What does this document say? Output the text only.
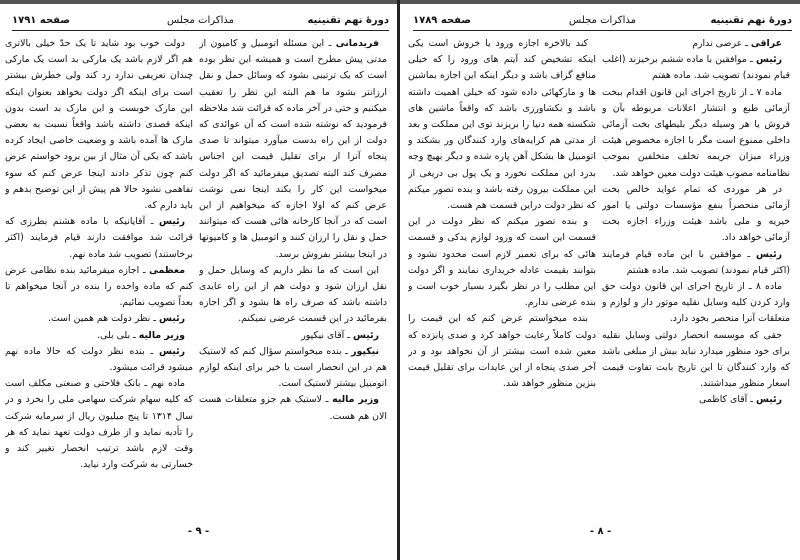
دورهٔ نهم تقنینیه
مذاکرات مجلس
صفحه ۱۷۹۱

فریدمانی ـ این مسئله اتومبیل و کامیون از مدتی پیش مطرح است و همیشه این نظر بوده است که یک ترتیبی بشود که وسائل حمل و نقل ارزانتر بشود ما هم البته این نظر را تعقیب میکنیم و حتی در آخر ماده که قرائت شد ملاحظه فرمودید که نوشته شده است که آن عوائدی که دولت از این راه بدست میآورد میتواند تا صدی پنجاه آنرا از برای تقلیل قیمت این اجناس مصرف کند البته تصدیق میفرمائید که اگر دولت میخواست این کار را بکند اینجا نمی نوشت عرض کنم که اولا اجازه که میخواهیم از این است که در آنجا کارخانه هائی هست که میتوانند حمل و نقل را ارزان کنند و اتومبیل ها و کامیونها در اینجا بیشتر بفروش برسد.

این است که ما نظر داریم که وسایل حمل و نقل ارزان شود و دولت هم از این راه عایدی داشته باشد که صرف راه ها بشود و اگر اجازه بفرمائید در این قسمت عرضی نمیکنم.

رئیس ـ آقای نیکپور

نیکپور ـ بنده میخواستم سؤال کنم که لاستیک هم در این انحصار است یا خیر برای اینکه لوازم اتومبیل بیشتر لاستیک است.

وزیر مالیه ـ لاستیک هم جزو متعلقات هست الان هم هست.

دولت خوب بود شاید تا یک حدّ خیلی بالاتری هم اگر لازم باشد یک مارکی بد است یک مارکی چندان تعریفی ندارد رد کند ولی خطرش بیشتر است برای اینکه اگر دولت بخواهد بعنوان اینکه این مارک خوبست و این مارک بد است بدون اینکه قصدی داشته باشد واقعاً نسبت به بعضی مارک ها آمده باشد و وضعیت خاصی ایجاد کرده باشد که یکی آن مثال از بین برود خواستم عرض کنم چون تذکر دادند اینجا عرض کنم که سوء تفاهمی نشود حالا هم پیش از این توضیح بدهم و باید دارم که.

رئیس ـ آقایانیکه با ماده هشتم بطرزی که قرائت شد موافقت دارند قیام فرمایند (اکثر برخاستند) تصویب شد ماده نهم.

معظمی ـ اجازه میفرمائید بنده نظامی عرض کنم که ماده واحده را بنده در آنجا میخواهم تا بعداً تصویب نمائیم.

رئیس ـ نظر دولت هم همین است.

وزیر مالیه ـ بلی بلی.

رئیس ـ بنده نظر دولت که حالا ماده نهم میشود قرائت میشود.

ماده نهم ـ بانک فلاحتی و صنعتی مکلف است که کلیه سهام شرکت سهامی ملی را بخرد و در سال ۱۳۱۴ تا پنج میلیون ریال از سرمایه شرکت را تأدیه نماید و از طرف دولت تعهد نماید که هر وقت لازم باشد ترتیب انحصار تغییر کند و خسارتی به شرکت وارد نیاید.

- ۹ -
دورهٔ نهم تقنینیه
مذاکرات مجلس
صفحه ۱۷۸۹

عراقی ـ عرضی ندارم

رئیس ـ موافقین با ماده ششم برخیزند (اغلب قیام نمودند) تصویب شد. ماده هفتم

ماده ۷ ـ از تاریخ اجرای این قانون اقدام ببخت آزمائی طبع و انتشار اعلانات مربوطه بآن و فروش یا هر وسیله دیگر بلیطهای بخت آزمائی داخلی ممنوع است مگر با اجازه مخصوص هیئت وزراء میزان جریمه تخلف متخلفین بموجب نظامنامه مصوب هیئت دولت معین خواهد شد.

در هر موردی که تمام عواید خالص بخت آزمائی منحصراً بنفع مؤسسات دولتی یا امور خیریه و ملی باشد هیئت وزراء اجازه بخت آزمائی خواهد داد.

رئیس ـ موافقین با این ماده قیام فرمایند (اکثر قیام نمودند) تصویب شد. ماده هشتم

ماده ۸ ـ از تاریخ اجرای این قانون دولت حق وارد کردن کلیه وسایل نقلیه موتور دار و لوازم و متعلقات آنرا منحصر بخود دارد.

حقی که موسسه انحصار دولتی وسایل نقلیه برای خود منظور میدارد نباید بیش از مبلغی باشد که وارد کنندگان تا این تاریخ بابت تفاوت قیمت اسعار منظور میداشتند.

رئیس ـ آقای کاظمی

کند بالاخره اجازه ورود یا خروش است یکی اینکه تشخیص کند آیتم های ورود را که خیلی منافع گزاف باشد و دیگر اینکه این اجازه بماشین ها و مارکهائی داده شود که خیلی اهمیت داشته باشد و بکشاورزی باشد که واقعاً ماشین های شکسته همه دنیا را بریزند توی این مملکت و بعد از مدتی هم کرایه‌های وارد کنندگان ور بشکند و اتومبیل ها بشکل آهن پاره شده و دیگر بهیچ وجه بدرد این مملکت نخورد و یک پول بی دریغی از این مملکت بیرون رفته باشد و بنده تصور میکنم که نظر دولت دراین قسمت هم هست.

و بنده تصور میکنم که نظر دولت در این قسمت این است که ورود لوازم یدکی و قسمت هائی که برای تعمیر لازم است محدود نشود و بتوانند بقیمت عادله خریداری نمایند و اگر دولت این مطلب را در نظر بگیرد بسیار خوب است و بنده عرضی ندارم.

بنده میخواستم عرض کنم که این قیمت را دولت کاملاً رعایت خواهد کرد و صدی پانزده که معین شده است بیشتر از آن نخواهد بود و در آخر صدی پنجاه از این عایدات برای تقلیل قیمت بنزین منظور خواهد شد.

- ۸ -
